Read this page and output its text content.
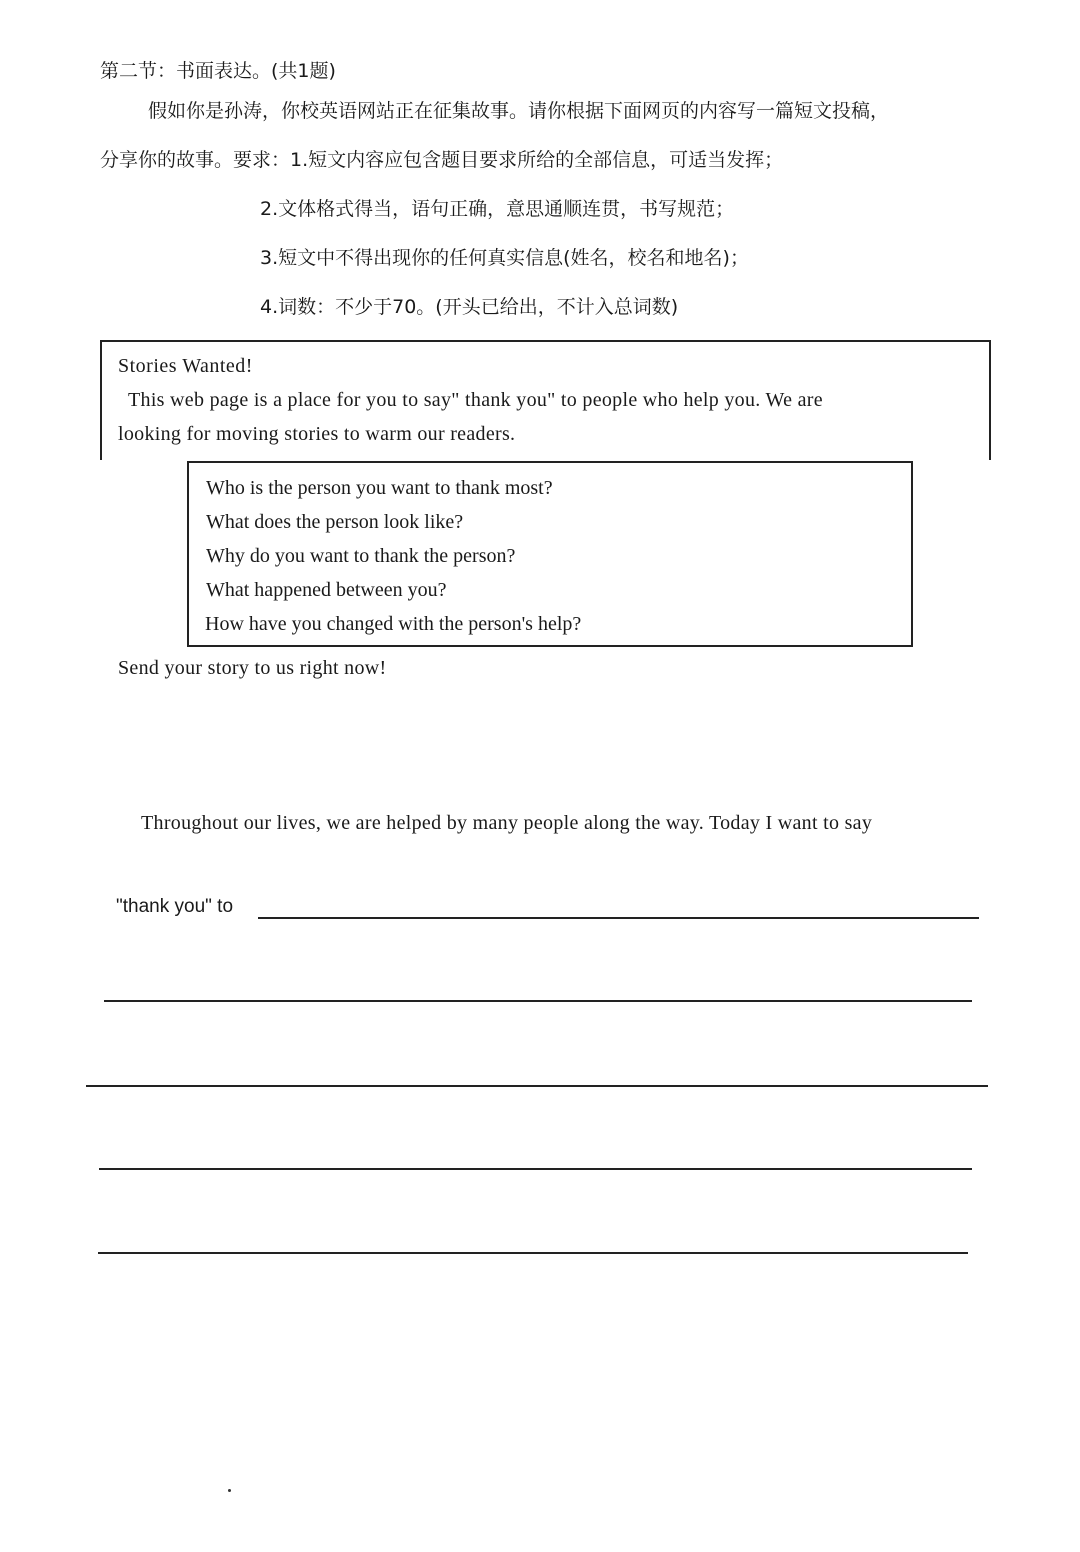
第二节：书面表达。(共1题)
假如你是孙涛，你校英语网站正在征集故事。请你根据下面网页的内容写一篇短文投稿，
分享你的故事。要求：1.短文内容应包含题目要求所给的全部信息，可适当发挥；
2.文体格式得当，语句正确，意思通顺连贯，书写规范；
3.短文中不得出现你的任何真实信息(姓名，校名和地名)；
4.词数：不少于70。(开头已给出，不计入总词数)
Stories Wanted!
This web page is a place for you to say" thank you" to people who help you. We are
looking for moving stories to warm our readers.
Who is the person you want to thank most?
What does the person look like?
Why do you want to thank the person?
What happened between you?
How have you changed with the person's help?
Send your story to us right now!
Throughout our lives, we are helped by many people along the way. Today I want to say
"thank you" to
